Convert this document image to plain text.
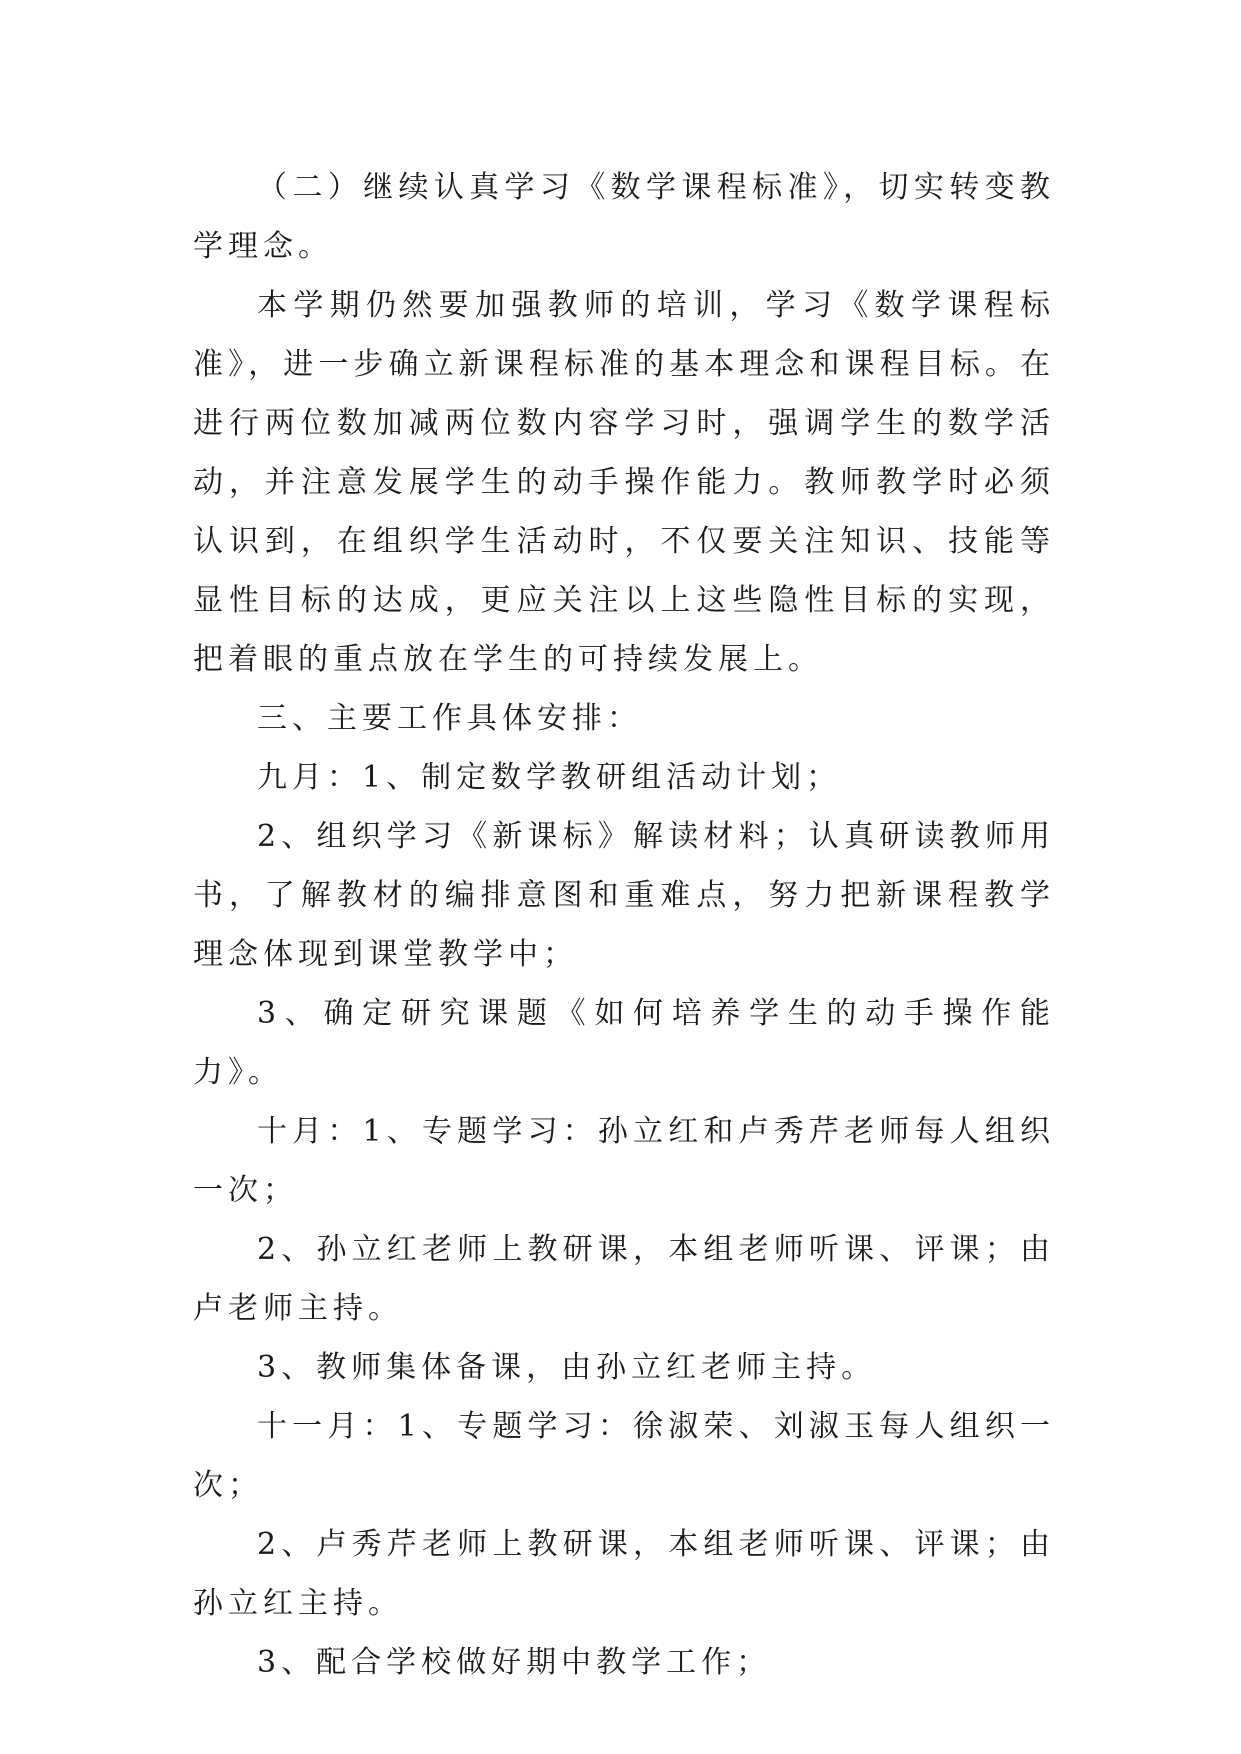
（二）继续认真学习《数学课程标准》，切实转变教学理念。

本学期仍然要加强教师的培训，学习《数学课程标准》，进一步确立新课程标准的基本理念和课程目标。在进行两位数加减两位数内容学习时，强调学生的数学活动，并注意发展学生的动手操作能力。教师教学时必须认识到，在组织学生活动时，不仅要关注知识、技能等显性目标的达成，更应关注以上这些隐性目标的实现，把着眼的重点放在学生的可持续发展上。

三、主要工作具体安排：

九月：1、制定数学教研组活动计划；

2、组织学习《新课标》解读材料；认真研读教师用书，了解教材的编排意图和重难点，努力把新课程教学理念体现到课堂教学中；

3、确定研究课题《如何培养学生的动手操作能力》。

十月：1、专题学习：孙立红和卢秀芹老师每人组织一次；

2、孙立红老师上教研课，本组老师听课、评课；由卢老师主持。

3、教师集体备课，由孙立红老师主持。

十一月：1、专题学习：徐淑荣、刘淑玉每人组织一次；

2、卢秀芹老师上教研课，本组老师听课、评课；由孙立红主持。

3、配合学校做好期中教学工作；
